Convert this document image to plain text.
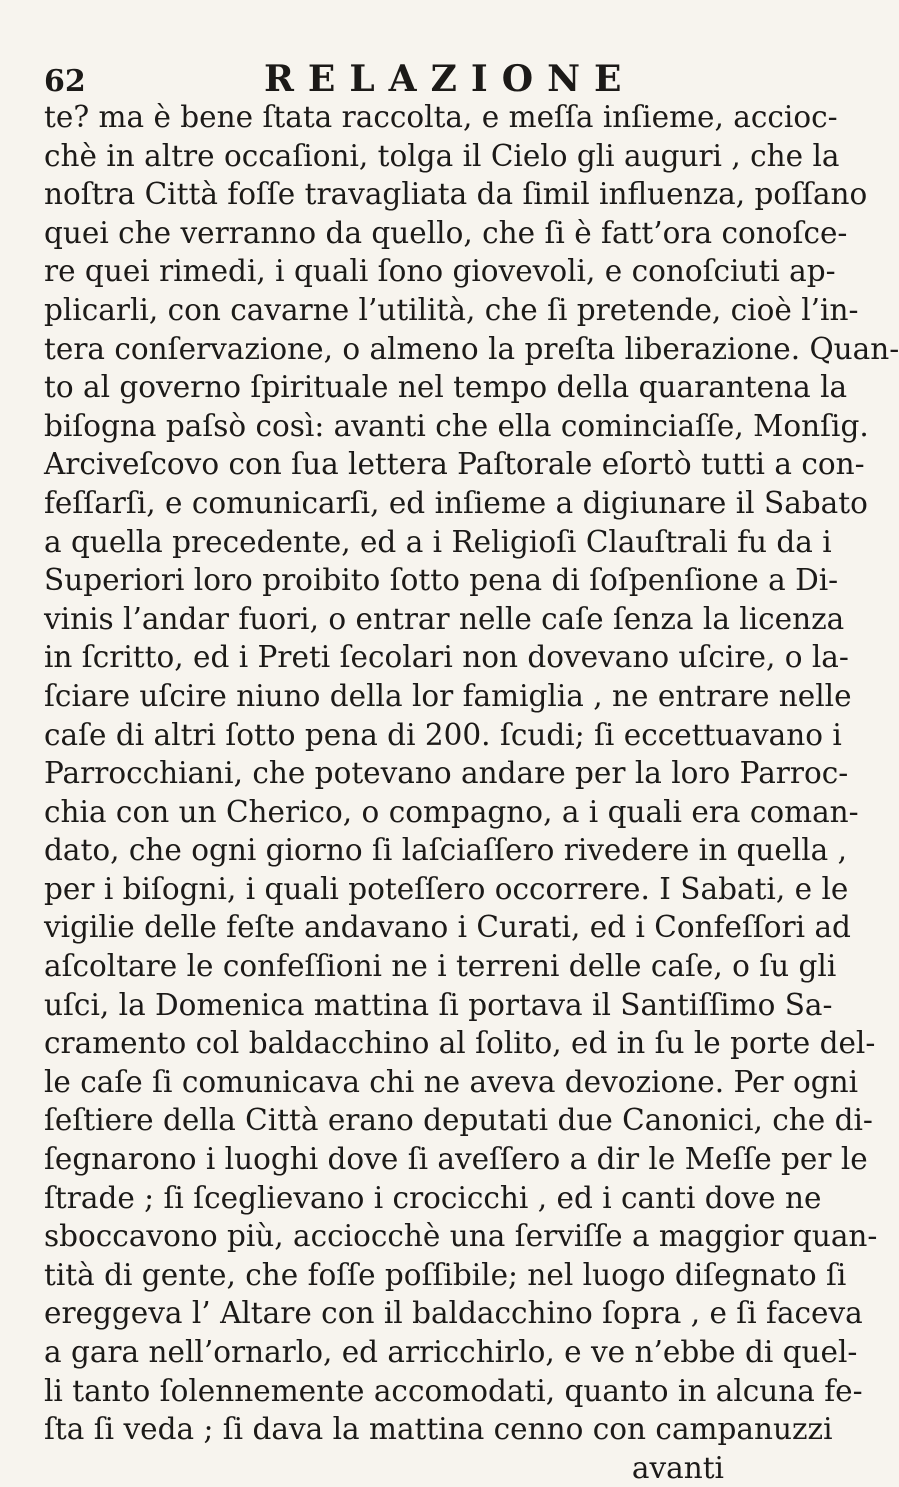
62	RELAZIONE
te? ma è bene ſtata raccolta, e meſſa inſieme, accioc-
chè in altre occaſioni, tolga il Cielo gli auguri , che la
noſtra Città foſſe travagliata da ſimil influenza, poſſano
quei che verranno da quello, che ſi è fatt’ora conoſce-
re quei rimedi, i quali ſono giovevoli, e conoſciuti ap-
plicarli, con cavarne l’utilità, che ſi pretende, cioè l’in-
tera conſervazione, o almeno la preſta liberazione. Quan-
to al governo ſpirituale nel tempo della quarantena la
biſogna paſsò così: avanti che ella cominciaſſe, Monſig.
Arciveſcovo con ſua lettera Paſtorale eſortò tutti a con-
feſſarſi, e comunicarſi, ed inſieme a digiunare il Sabato
a quella precedente, ed a i Religioſi Clauſtrali fu da i
Superiori loro proibito ſotto pena di ſoſpenſione a Di-
vinis l’andar fuori, o entrar nelle caſe ſenza la licenza
in ſcritto, ed i Preti ſecolari non dovevano uſcire, o la-
ſciare uſcire niuno della lor famiglia , ne entrare nelle
caſe di altri ſotto pena di 200. ſcudi; ſi eccettuavano i
Parrocchiani, che potevano andare per la loro Parroc-
chia con un Cherico, o compagno, a i quali era coman-
dato, che ogni giorno ſi laſciaſſero rivedere in quella ,
per i biſogni, i quali poteſſero occorrere. I Sabati, e le
vigilie delle feſte andavano i Curati, ed i Confeſſori ad
aſcoltare le confeſſioni ne i terreni delle caſe, o ſu gli
uſci, la Domenica mattina ſi portava il Santiſſimo Sa-
cramento col baldacchino al ſolito, ed in ſu le porte del-
le caſe ſi comunicava chi ne aveva devozione. Per ogni
ſeſtiere della Città erano deputati due Canonici, che di-
ſegnarono i luoghi dove ſi aveſſero a dir le Meſſe per le
ſtrade ; ſi ſceglievano i crocicchi , ed i canti dove ne
sboccavono più, acciocchè una ſerviſſe a maggior quan-
tità di gente, che foſſe poſſibile; nel luogo diſegnato ſi
ereggeva l’ Altare con il baldacchino ſopra , e ſi faceva
a gara nell’ornarlo, ed arricchirlo, e ve n’ebbe di quel-
li tanto ſolennemente accomodati, quanto in alcuna fe-
ſta ſi veda ; ſi dava la mattina cenno con campanuzzi
avanti
